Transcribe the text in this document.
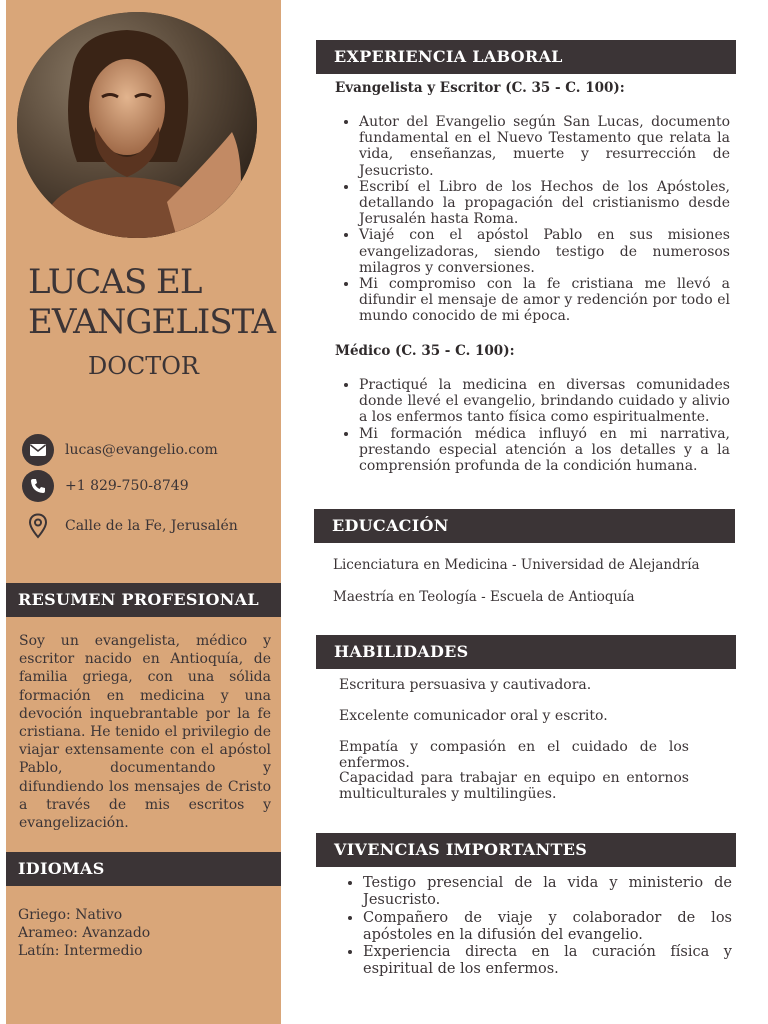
LUCAS EL EVANGELISTA
DOCTOR
lucas@evangelio.com
+1 829-750-8749
Calle de la Fe, Jerusalén
RESUMEN PROFESIONAL
Soy un evangelista, médico y escritor nacido en Antioquía, de familia griega, con una sólida formación en medicina y una devoción inquebrantable por la fe cristiana. He tenido el privilegio de viajar extensamente con el apóstol Pablo, documentando y difundiendo los mensajes de Cristo a través de mis escritos y evangelización.
IDIOMAS
Griego: Nativo
Arameo: Avanzado
Latín: Intermedio
EXPERIENCIA LABORAL
Evangelista y Escritor (C. 35 - C. 100):
• Autor del Evangelio según San Lucas, documento fundamental en el Nuevo Testamento que relata la vida, enseñanzas, muerte y resurrección de Jesucristo.
• Escribí el Libro de los Hechos de los Apóstoles, detallando la propagación del cristianismo desde Jerusalén hasta Roma.
• Viajé con el apóstol Pablo en sus misiones evangelizadoras, siendo testigo de numerosos milagros y conversiones.
• Mi compromiso con la fe cristiana me llevó a difundir el mensaje de amor y redención por todo el mundo conocido de mi época.
Médico (C. 35 - C. 100):
• Practiqué la medicina en diversas comunidades donde llevé el evangelio, brindando cuidado y alivio a los enfermos tanto física como espiritualmente.
• Mi formación médica influyó en mi narrativa, prestando especial atención a los detalles y a la comprensión profunda de la condición humana.
EDUCACIÓN
Licenciatura en Medicina - Universidad de Alejandría
Maestría en Teología - Escuela de Antioquía
HABILIDADES
Escritura persuasiva y cautivadora.
Excelente comunicador oral y escrito.
Empatía y compasión en el cuidado de los enfermos.
Capacidad para trabajar en equipo en entornos multiculturales y multilingües.
VIVENCIAS IMPORTANTES
• Testigo presencial de la vida y ministerio de Jesucristo.
• Compañero de viaje y colaborador de los apóstoles en la difusión del evangelio.
• Experiencia directa en la curación física y espiritual de los enfermos.
